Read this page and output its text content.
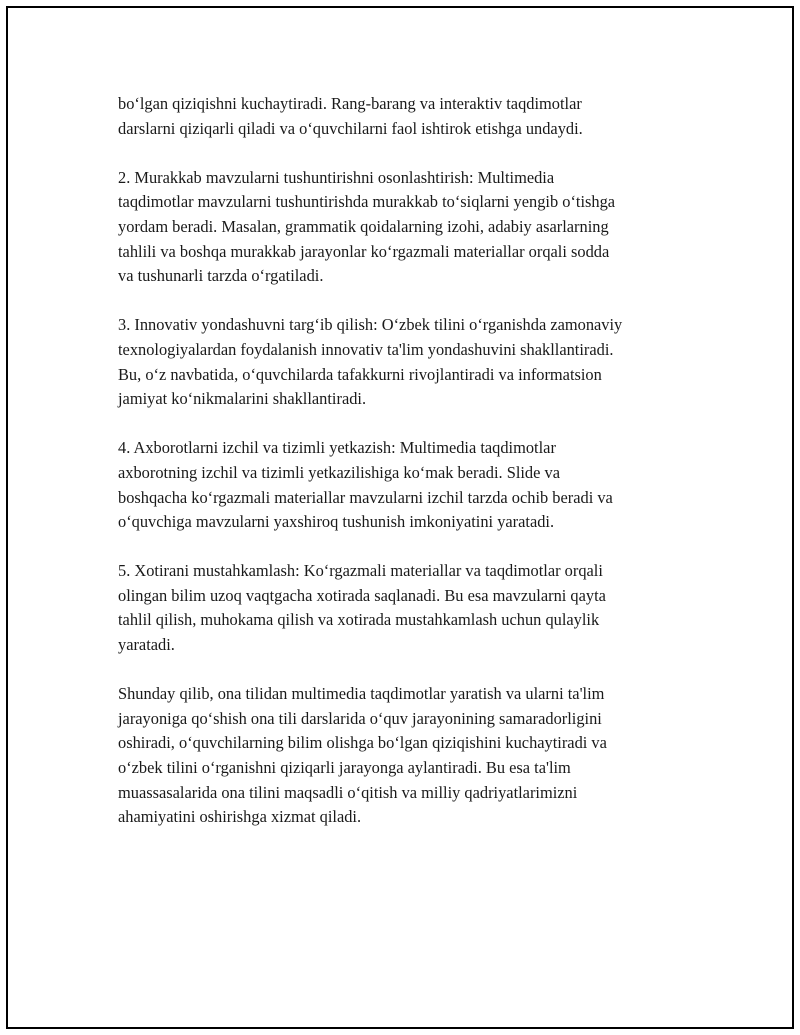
bo‘lgan qiziqishni kuchaytiradi. Rang-barang va interaktiv taqdimotlar
darslarni qiziqarli qiladi va o‘quvchilarni faol ishtirok etishga undaydi.

2. Murakkab mavzularni tushuntirishni osonlashtirish: Multimedia
taqdimotlar mavzularni tushuntirishda murakkab to‘siqlarni yengib o‘tishga
yordam beradi. Masalan, grammatik qoidalarning izohi, adabiy asarlarning
tahlili va boshqa murakkab jarayonlar ko‘rgazmali materiallar orqali sodda
va tushunarli tarzda o‘rgatiladi.

3. Innovativ yondashuvni targ‘ib qilish: O‘zbek tilini o‘rganishda zamonaviy
texnologiyalardan foydalanish innovativ ta'lim yondashuvini shakllantiradi.
Bu, o‘z navbatida, o‘quvchilarda tafakkurni rivojlantiradi va informatsion
jamiyat ko‘nikmalarini shakllantiradi.

4. Axborotlarni izchil va tizimli yetkazish: Multimedia taqdimotlar
axborotning izchil va tizimli yetkazilishiga ko‘mak beradi. Slide va
boshqacha ko‘rgazmali materiallar mavzularni izchil tarzda ochib beradi va
o‘quvchiga mavzularni yaxshiroq tushunish imkoniyatini yaratadi.

5. Xotirani mustahkamlash: Ko‘rgazmali materiallar va taqdimotlar orqali
olingan bilim uzoq vaqtgacha xotirada saqlanadi. Bu esa mavzularni qayta
tahlil qilish, muhokama qilish va xotirada mustahkamlash uchun qulaylik
yaratadi.

Shunday qilib, ona tilidan multimedia taqdimotlar yaratish va ularni ta'lim
jarayoniga qo‘shish ona tili darslarida o‘quv jarayonining samaradorligini
oshiradi, o‘quvchilarning bilim olishga bo‘lgan qiziqishini kuchaytiradi va
o‘zbek tilini o‘rganishni qiziqarli jarayonga aylantiradi. Bu esa ta'lim
muassasalarida ona tilini maqsadli o‘qitish va milliy qadriyatlarimizni
ahamiyatini oshirishga xizmat qiladi.
